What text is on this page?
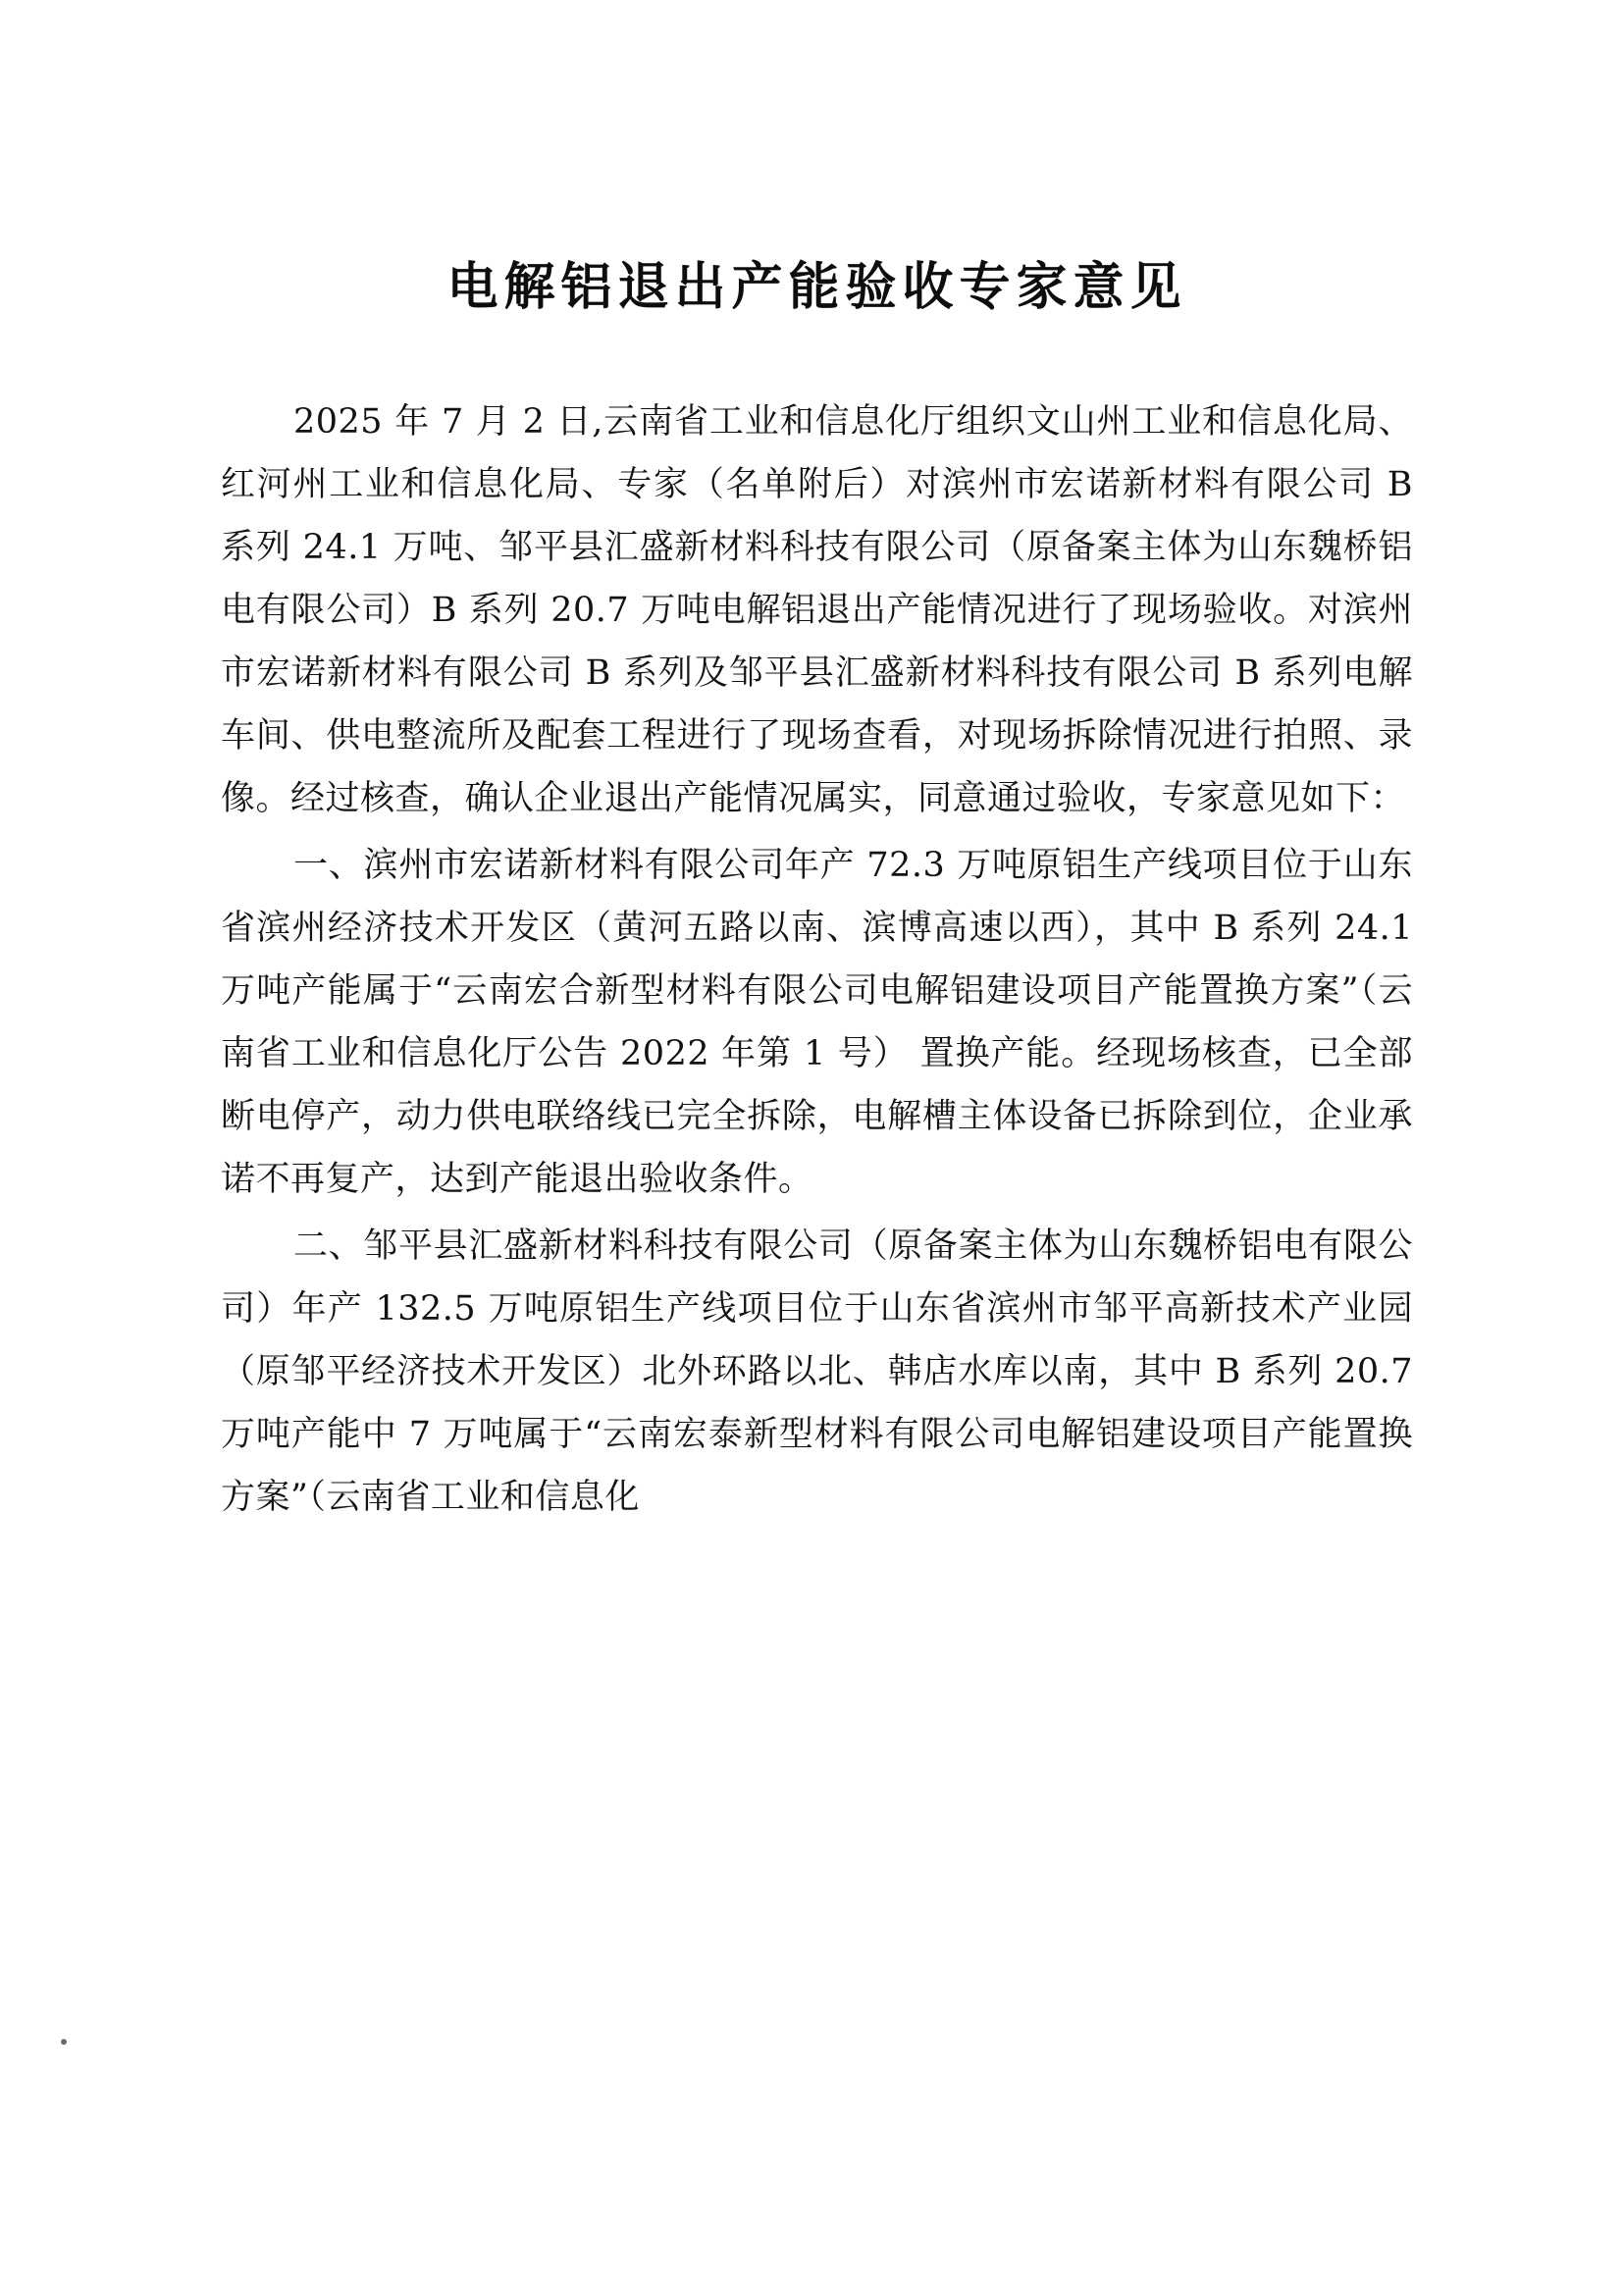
电解铝退出产能验收专家意见

2025 年 7 月 2 日,云南省工业和信息化厅组织文山州工业和信息化局、红河州工业和信息化局、专家（名单附后）对滨州市宏诺新材料有限公司 B 系列 24.1 万吨、邹平县汇盛新材料科技有限公司（原备案主体为山东魏桥铝电有限公司）B 系列 20.7 万吨电解铝退出产能情况进行了现场验收。对滨州市宏诺新材料有限公司 B 系列及邹平县汇盛新材料科技有限公司 B 系列电解车间、供电整流所及配套工程进行了现场查看，对现场拆除情况进行拍照、录像。经过核查，确认企业退出产能情况属实，同意通过验收，专家意见如下：

一、滨州市宏诺新材料有限公司年产 72.3 万吨原铝生产线项目位于山东省滨州经济技术开发区（黄河五路以南、滨博高速以西），其中 B 系列 24.1 万吨产能属于“云南宏合新型材料有限公司电解铝建设项目产能置换方案”（云南省工业和信息化厅公告 2022 年第 1 号） 置换产能。经现场核查，已全部断电停产，动力供电联络线已完全拆除，电解槽主体设备已拆除到位，企业承诺不再复产，达到产能退出验收条件。

二、邹平县汇盛新材料科技有限公司（原备案主体为山东魏桥铝电有限公司）年产 132.5 万吨原铝生产线项目位于山东省滨州市邹平高新技术产业园（原邹平经济技术开发区）北外环路以北、韩店水库以南，其中 B 系列 20.7 万吨产能中 7 万吨属于“云南宏泰新型材料有限公司电解铝建设项目产能置换方案”（云南省工业和信息化
